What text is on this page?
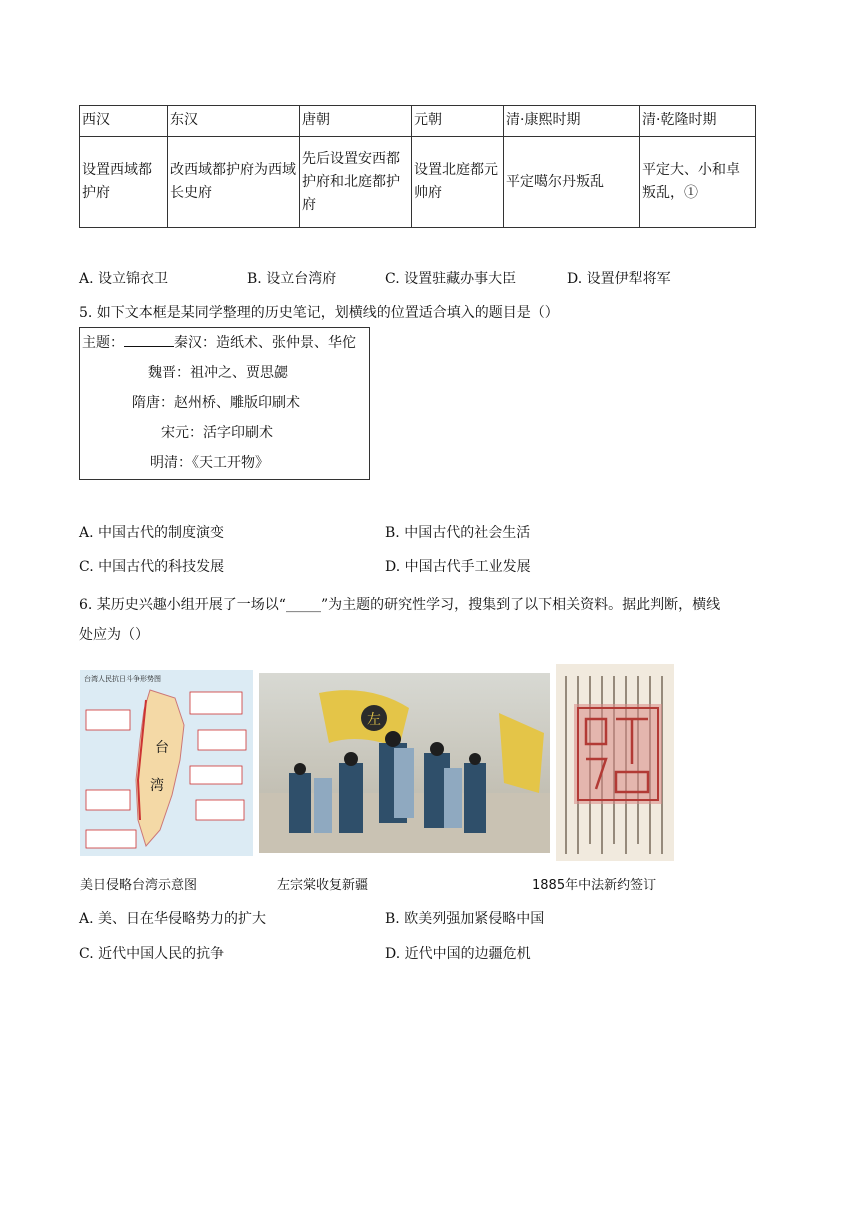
西汉	东汉	唐朝	元朝	清·康熙时期	清·乾隆时期
设置西域都护府	改西域都护府为西域长史府	先后设置安西都护府和北庭都护府	设置北庭都元帅府	平定噶尔丹叛乱	平定大、小和卓叛乱，①
A. 设立锦衣卫	B. 设立台湾府	C. 设置驻藏办事大臣	D. 设置伊犁将军
5. 如下文本框是某同学整理的历史笔记，划横线的位置适合填入的题目是（）
主题：	秦汉：造纸术、张仲景、华佗
魏晋：祖冲之、贾思勰
隋唐：赵州桥、雕版印刷术
宋元：活字印刷术
明清：《天工开物》
A. 中国古代的制度演变	B. 中国古代的社会生活
C. 中国古代的科技发展	D. 中国古代手工业发展
6. 某历史兴趣小组开展了一场以“_____”为主题的研究性学习，搜集到了以下相关资料。据此判断，横线
处应为（）
台湾人民抗日斗争形势图
台
湾
左
美日侵略台湾示意图	左宗棠收复新疆	1885年中法新约签订
A. 美、日在华侵略势力的扩大	B. 欧美列强加紧侵略中国
C. 近代中国人民的抗争	D. 近代中国的边疆危机
